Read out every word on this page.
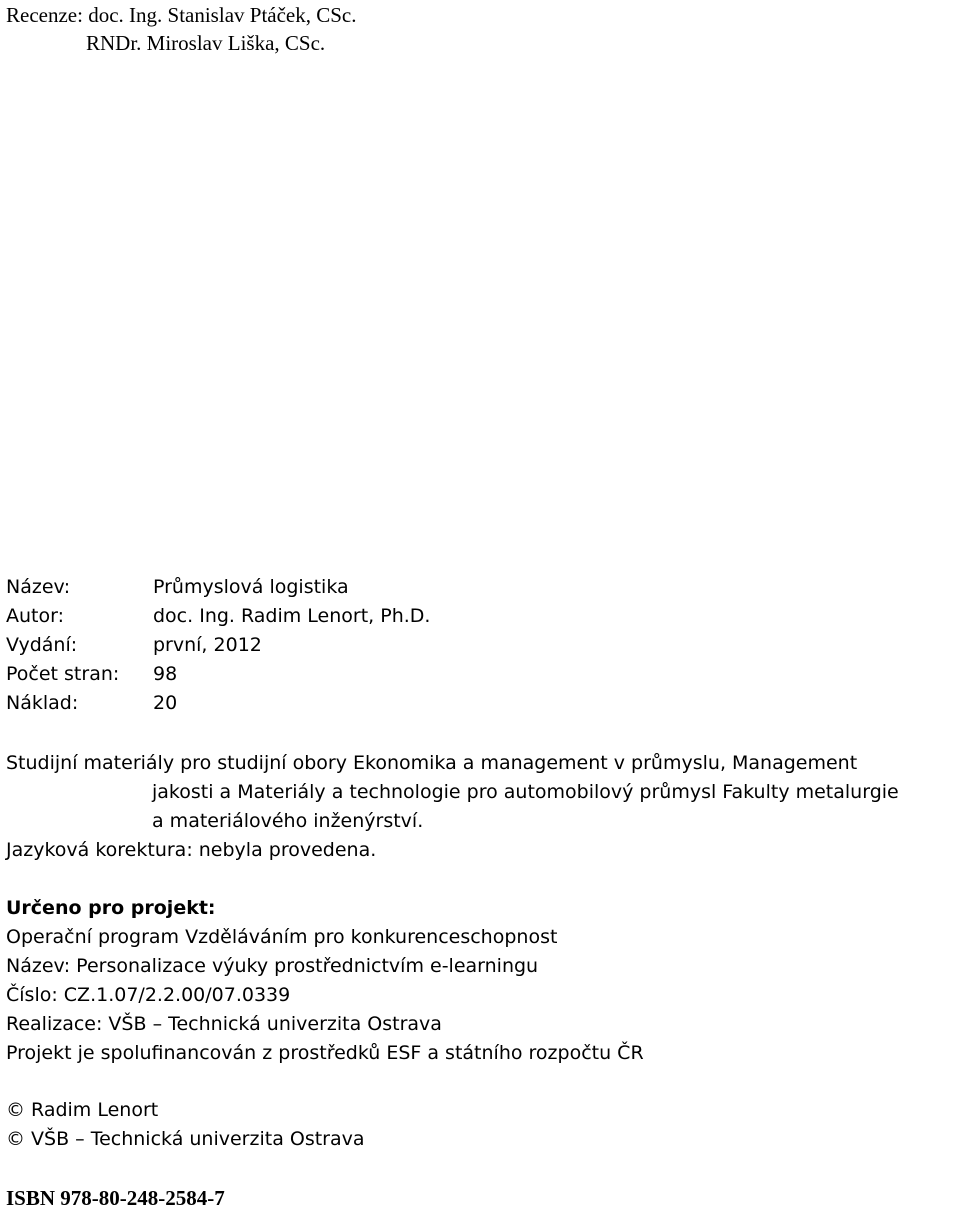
Recenze: doc. Ing. Stanislav Ptáček, CSc.
RNDr. Miroslav Liška, CSc.
Název:	Průmyslová logistika
Autor:	doc. Ing. Radim Lenort, Ph.D.
Vydání:	první, 2012
Počet stran: 98
Náklad:	20
Studijní materiály pro studijní obory Ekonomika a management v průmyslu, Management
jakosti a Materiály a technologie pro automobilový průmysl Fakulty metalurgie
a materiálového inženýrství.
Jazyková korektura: nebyla provedena.
Určeno pro projekt:
Operační program Vzděláváním pro konkurenceschopnost
Název: Personalizace výuky prostřednictvím e-learningu
Číslo: CZ.1.07/2.2.00/07.0339
Realizace: VŠB – Technická univerzita Ostrava
Projekt je spolufinancován z prostředků ESF a státního rozpočtu ČR
© Radim Lenort
© VŠB – Technická univerzita Ostrava
ISBN 978-80-248-2584-7
